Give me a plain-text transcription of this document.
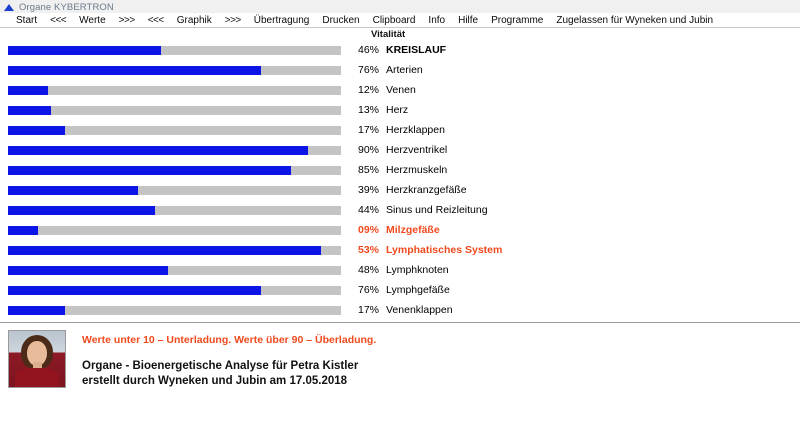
Organe KYBERTRON
Start <<< Werte >>> <<< Graphik >>> Übertragung Drucken Clipboard Info Hilfe Programme Zugelassen für Wyneken und Jubin
Vitalität
46% KREISLAUF
76% Arterien
12% Venen
13% Herz
17% Herzklappen
90% Herzventrikel
85% Herzmuskeln
39% Herzkranzgefäße
44% Sinus und Reizleitung
09% Milzgefäße
53% Lymphatisches System
48% Lymphknoten
76% Lymphgefäße
17% Venenklappen
Werte unter 10 – Unterladung. Werte über 90 – Überladung.
Organe - Bioenergetische Analyse für Petra Kistler
erstellt durch Wyneken und Jubin am 17.05.2018
